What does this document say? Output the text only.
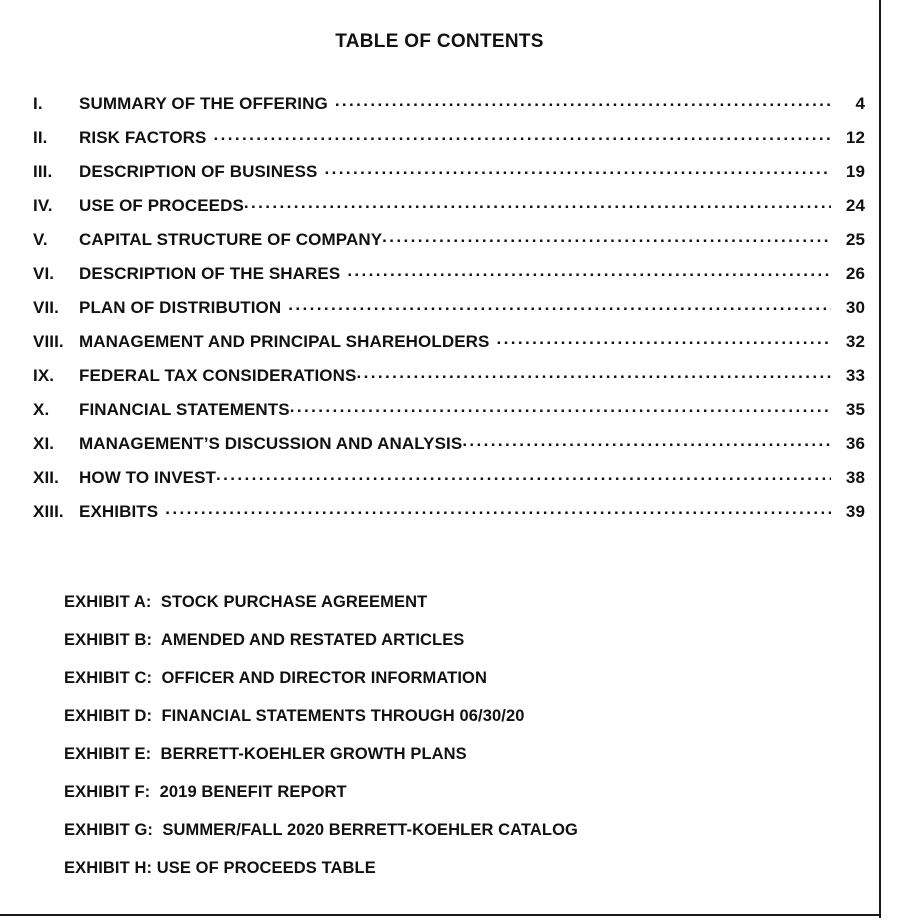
TABLE OF CONTENTS
I.	SUMMARY OF THE OFFERING .....	4
II.	RISK FACTORS .....	12
III.	DESCRIPTION OF BUSINESS .....	19
IV.	USE OF PROCEEDS .....	24
V.	CAPITAL STRUCTURE OF COMPANY .....	25
VI.	DESCRIPTION OF THE SHARES .....	26
VII.	PLAN OF DISTRIBUTION .....	30
VIII. MANAGEMENT AND PRINCIPAL SHAREHOLDERS .....	32
IX.	FEDERAL TAX CONSIDERATIONS .....	33
X.	FINANCIAL STATEMENTS .....	35
XI.	MANAGEMENT’S DISCUSSION AND ANALYSIS .....	36
XII.	HOW TO INVEST .....	38
XIII. EXHIBITS .....	39
EXHIBIT A:  STOCK PURCHASE AGREEMENT
EXHIBIT B:  AMENDED AND RESTATED ARTICLES
EXHIBIT C:  OFFICER AND DIRECTOR INFORMATION
EXHIBIT D:  FINANCIAL STATEMENTS THROUGH 06/30/20
EXHIBIT E:  BERRETT-KOEHLER GROWTH PLANS
EXHIBIT F:  2019 BENEFIT REPORT
EXHIBIT G:  SUMMER/FALL 2020 BERRETT-KOEHLER CATALOG
EXHIBIT H: USE OF PROCEEDS TABLE
